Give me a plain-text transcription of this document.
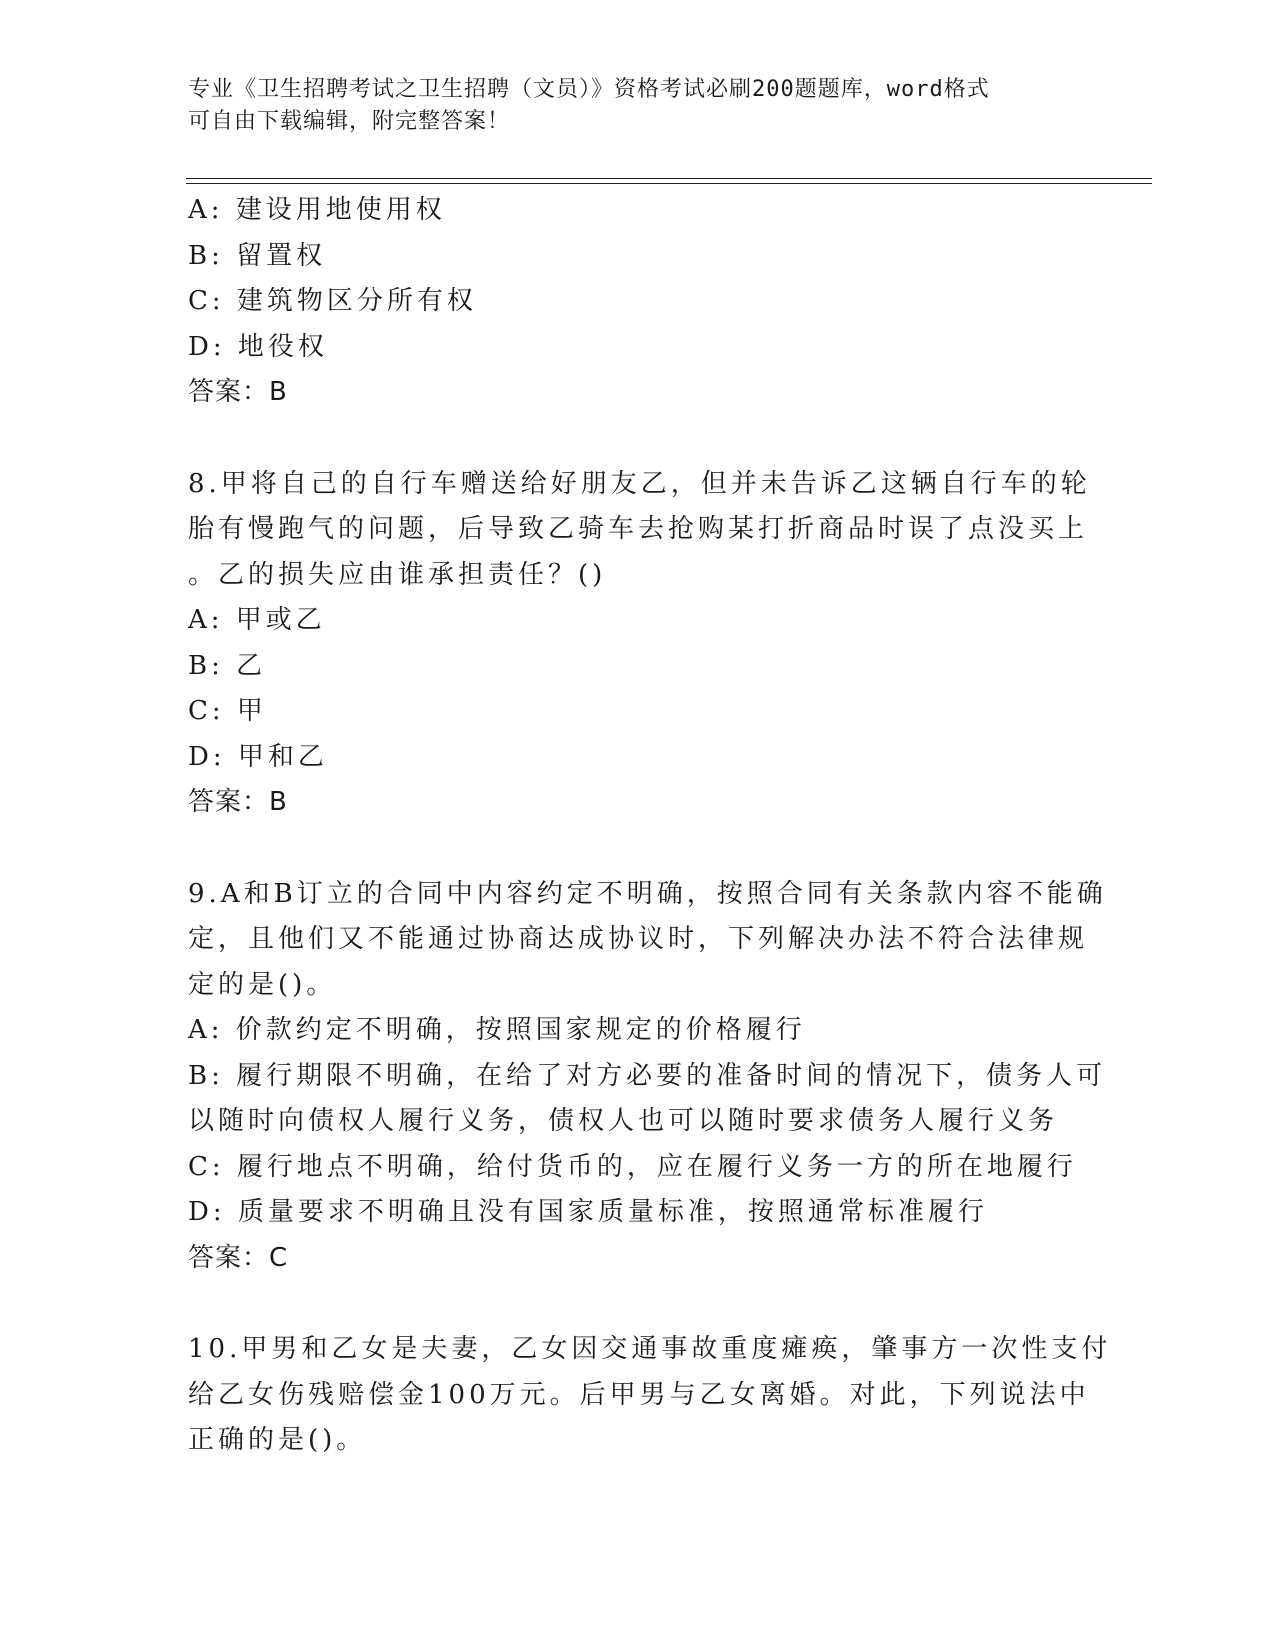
专业《卫生招聘考试之卫生招聘（文员）》资格考试必刷200题题库，word格式
可自由下载编辑，附完整答案！
A: 建设用地使用权
B: 留置权
C: 建筑物区分所有权
D: 地役权
答案：B
8.甲将自己的自行车赠送给好朋友乙，但并未告诉乙这辆自行车的轮
胎有慢跑气的问题，后导致乙骑车去抢购某打折商品时误了点没买上
。乙的损失应由谁承担责任？()
A: 甲或乙
B: 乙
C: 甲
D: 甲和乙
答案：B
9.A和B订立的合同中内容约定不明确，按照合同有关条款内容不能确
定，且他们又不能通过协商达成协议时，下列解决办法不符合法律规
定的是()。
A: 价款约定不明确，按照国家规定的价格履行
B: 履行期限不明确，在给了对方必要的准备时间的情况下，债务人可
以随时向债权人履行义务，债权人也可以随时要求债务人履行义务
C: 履行地点不明确，给付货币的，应在履行义务一方的所在地履行
D: 质量要求不明确且没有国家质量标准，按照通常标准履行
答案：C
10.甲男和乙女是夫妻，乙女因交通事故重度瘫痪，肇事方一次性支付
给乙女伤残赔偿金100万元。后甲男与乙女离婚。对此，下列说法中
正确的是()。
